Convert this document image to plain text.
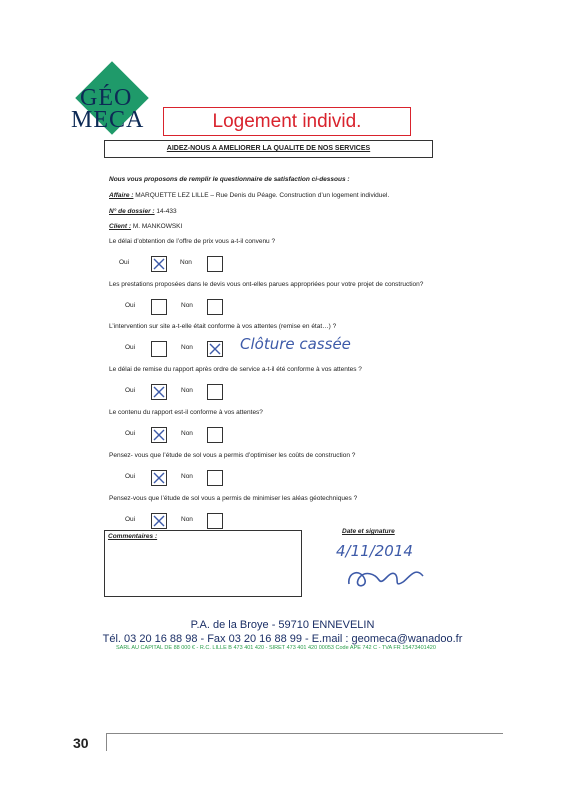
GÉO
MECA	Logement individ.
AIDEZ-NOUS A AMELIORER LA QUALITE DE NOS SERVICES
Nous vous proposons de remplir le questionnaire de satisfaction ci-dessous :
Affaire : MARQUETTE LEZ LILLE – Rue Denis du Péage. Construction d’un logement individuel.
N° de dossier : 14-433
Client : M. MANKOWSKI
Le délai d’obtention de l’offre de prix vous a-t-il convenu ?
Oui	Non
Les prestations proposées dans le devis vous ont-elles parues appropriées pour votre projet de construction?
Oui	Non
L’intervention sur site a-t-elle était conforme à vos attentes (remise en état…) ?
Oui	Non
Le délai de remise du rapport après ordre de service a-t-il été conforme à vos attentes ?
Oui	Non
Le contenu du rapport est-il conforme à vos attentes?
Oui	Non
Pensez- vous que l’étude de sol vous a permis d’optimiser les coûts de construction ?
Oui	Non
Pensez-vous que l’étude de sol vous a permis de minimiser les aléas géotechniques ?
Oui	Non
Clôture cassée
Commentaires :
Date et signature
4/11/2014
P.A. de la Broye - 59710 ENNEVELIN
Tél. 03 20 16 88 98 - Fax 03 20 16 88 99 - E.mail : geomeca@wanadoo.fr
SARL AU CAPITAL DE 88 000 € - R.C. LILLE B 473 401 420 - SIRET 473 401 420 00053 Code APE 742 C - TVA FR 15473401420
30
